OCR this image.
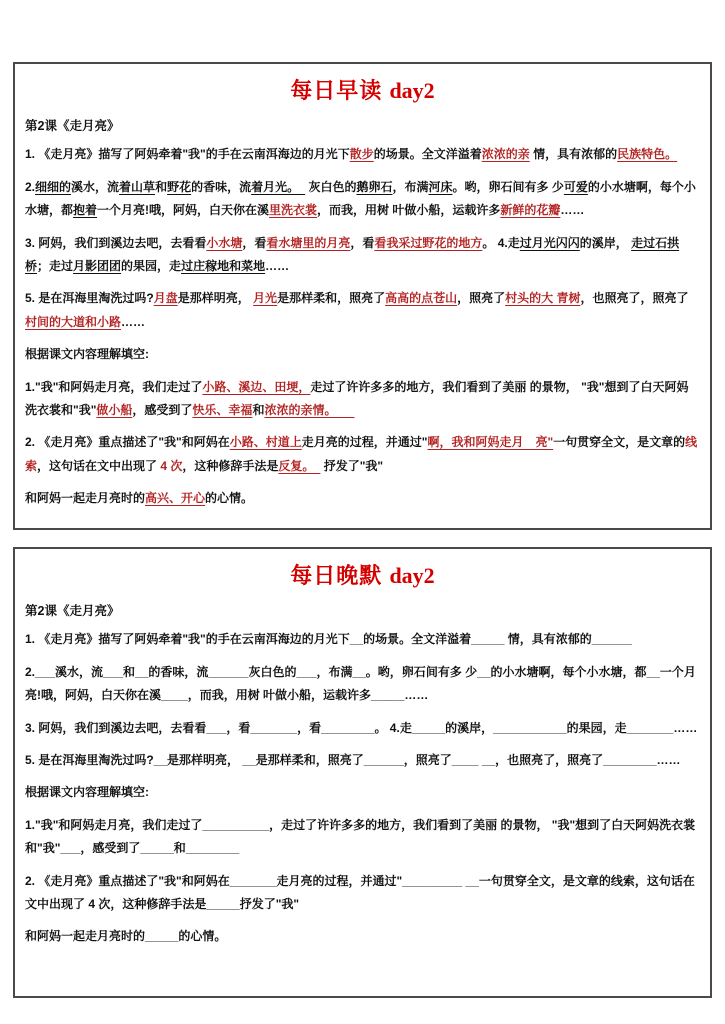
每日早读 day2
第2课《走月亮》

1. 《走月亮》描写了阿妈牵着"我"的手在云南洱海边的月光下散步的场景。全文洋溢着浓浓的亲 情，具有浓郁的民族特色。

2.细细的溪水，流着山草和野花的香味，流着月光。　 灰白色的鹅卵石，布满河床。哟，卵石间有多 少可爱的小水塘啊，每个小水塘，都抱着一个月亮!哦，阿妈，白天你在溪里洗衣裳，而我，用树 叶做小船，运载许多新鲜的花瓣……

3. 阿妈，我们到溪边去吧，去看看小水塘，看看水塘里的月亮，看看我采过野花的地方。 4.走过月光闪闪的溪岸， 走过石拱桥；走过月影团团的果园，走过庄稼地和菜地……

5. 是在洱海里淘洗过吗?月盘是那样明亮， 月光是那样柔和，照亮了高高的点苍山，照亮了村头的大 青树，也照亮了，照亮了村间的大道和小路……

根据课文内容理解填空:

1."我"和阿妈走月亮，我们走过了小路、溪边、田埂，走过了许许多多的地方，我们看到了美丽 的景物， "我"想到了白天阿妈洗衣裳和"我"做小船，感受到了快乐、幸福和浓浓的亲情。　　

2. 《走月亮》重点描述了"我"和阿妈在小路、村道上走月亮的过程，并通过"啊，我和阿妈走月　亮"一句贯穿全文，是文章的线索，这句话在文中出现了 4 次，这种修辞手法是反复。　 抒发了"我"

和阿妈一起走月亮时的高兴、开心的心情。

每日晚默 day2
第2课《走月亮》

1. 《走月亮》描写了阿妈牵着"我"的手在云南洱海边的月光下__的场景。全文洋溢着_____ 情，具有浓郁的______

2.___溪水，流___和__的香味，流______灰白色的___，布满__。哟，卵石间有多 少__的小水塘啊，每个小水塘，都__一个月亮!哦，阿妈，白天你在溪____，而我，用树 叶做小船，运载许多_____……

3. 阿妈，我们到溪边去吧，去看看___，看_______，看________。 4.走_____的溪岸，___________的果园，走_______……

5. 是在洱海里淘洗过吗?__是那样明亮， __是那样柔和，照亮了______，照亮了____ __，也照亮了，照亮了________……

根据课文内容理解填空:

1."我"和阿妈走月亮，我们走过了__________，走过了许许多多的地方，我们看到了美丽 的景物， "我"想到了白天阿妈洗衣裳和"我"___，感受到了_____和________

2. 《走月亮》重点描述了"我"和阿妈在_______走月亮的过程，并通过"_________ __一句贯穿全文，是文章的线索，这句话在文中出现了 4 次，这种修辞手法是_____抒发了"我"

和阿妈一起走月亮时的_____的心情。
